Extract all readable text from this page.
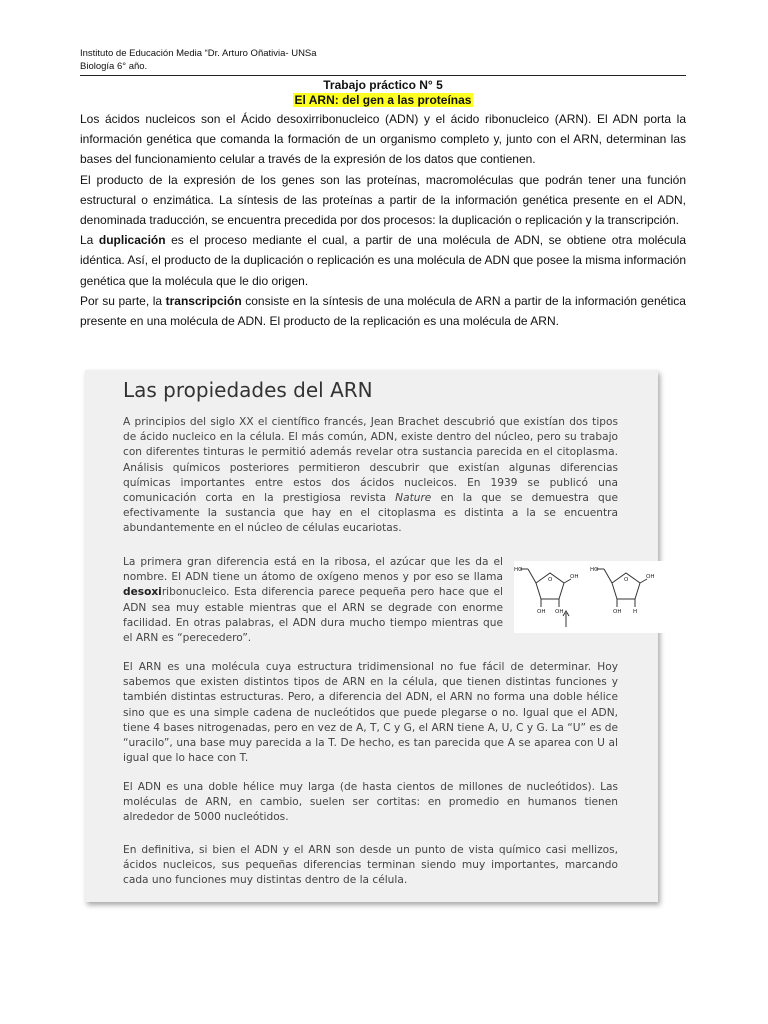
Instituto de Educación Media “Dr. Arturo Oñativia- UNSa
Biología 6° año.
Trabajo práctico N° 5
El ARN: del gen a las proteínas

Los ácidos nucleicos son el Ácido desoxirribonucleico (ADN) y el ácido ribonucleico (ARN). El ADN porta la información genética que comanda la formación de un organismo completo y, junto con el ARN, determinan las bases del funcionamiento celular a través de la expresión de los datos que contienen.

El producto de la expresión de los genes son las proteínas, macromoléculas que podrán tener una función estructural o enzimática. La síntesis de las proteínas a partir de la información genética presente en el ADN, denominada traducción, se encuentra precedida por dos procesos: la duplicación o replicación y la transcripción.

La duplicación es el proceso mediante el cual, a partir de una molécula de ADN, se obtiene otra molécula idéntica. Así, el producto de la duplicación o replicación es una molécula de ADN que posee la misma información genética que la molécula que le dio origen.

Por su parte, la transcripción consiste en la síntesis de una molécula de ARN a partir de la información genética presente en una molécula de ADN. El producto de la replicación es una molécula de ARN.

Las propiedades del ARN

A principios del siglo XX el científico francés, Jean Brachet descubrió que existían dos tipos de ácido nucleico en la célula. El más común, ADN, existe dentro del núcleo, pero su trabajo con diferentes tinturas le permitió además revelar otra sustancia parecida en el citoplasma. Análisis químicos posteriores permitieron descubrir que existían algunas diferencias químicas importantes entre estos dos ácidos nucleicos. En 1939 se publicó una comunicación corta en la prestigiosa revista Nature en la que se demuestra que efectivamente la sustancia que hay en el citoplasma es distinta a la se encuentra abundantemente en el núcleo de células eucariotas.

La primera gran diferencia está en la ribosa, el azúcar que les da el nombre. El ADN tiene un átomo de oxígeno menos y por eso se llama desoxiribonucleico. Esta diferencia parece pequeña pero hace que el ADN sea muy estable mientras que el ARN se degrade con enorme facilidad. En otras palabras, el ADN dura mucho tiempo mientras que el ARN es “perecedero”.

HO
O	OH
OH OH
HO
O	OH
OH H

El ARN es una molécula cuya estructura tridimensional no fue fácil de determinar. Hoy sabemos que existen distintos tipos de ARN en la célula, que tienen distintas funciones y también distintas estructuras. Pero, a diferencia del ADN, el ARN no forma una doble hélice sino que es una simple cadena de nucleótidos que puede plegarse o no. Igual que el ADN, tiene 4 bases nitrogenadas, pero en vez de A, T, C y G, el ARN tiene A, U, C y G. La “U” es de “uracilo”, una base muy parecida a la T. De hecho, es tan parecida que A se aparea con U al igual que lo hace con T.

El ADN es una doble hélice muy larga (de hasta cientos de millones de nucleótidos). Las moléculas de ARN, en cambio, suelen ser cortitas: en promedio en humanos tienen alrededor de 5000 nucleótidos.

En definitiva, si bien el ADN y el ARN son desde un punto de vista químico casi mellizos, ácidos nucleicos, sus pequeñas diferencias terminan siendo muy importantes, marcando cada uno funciones muy distintas dentro de la célula.
